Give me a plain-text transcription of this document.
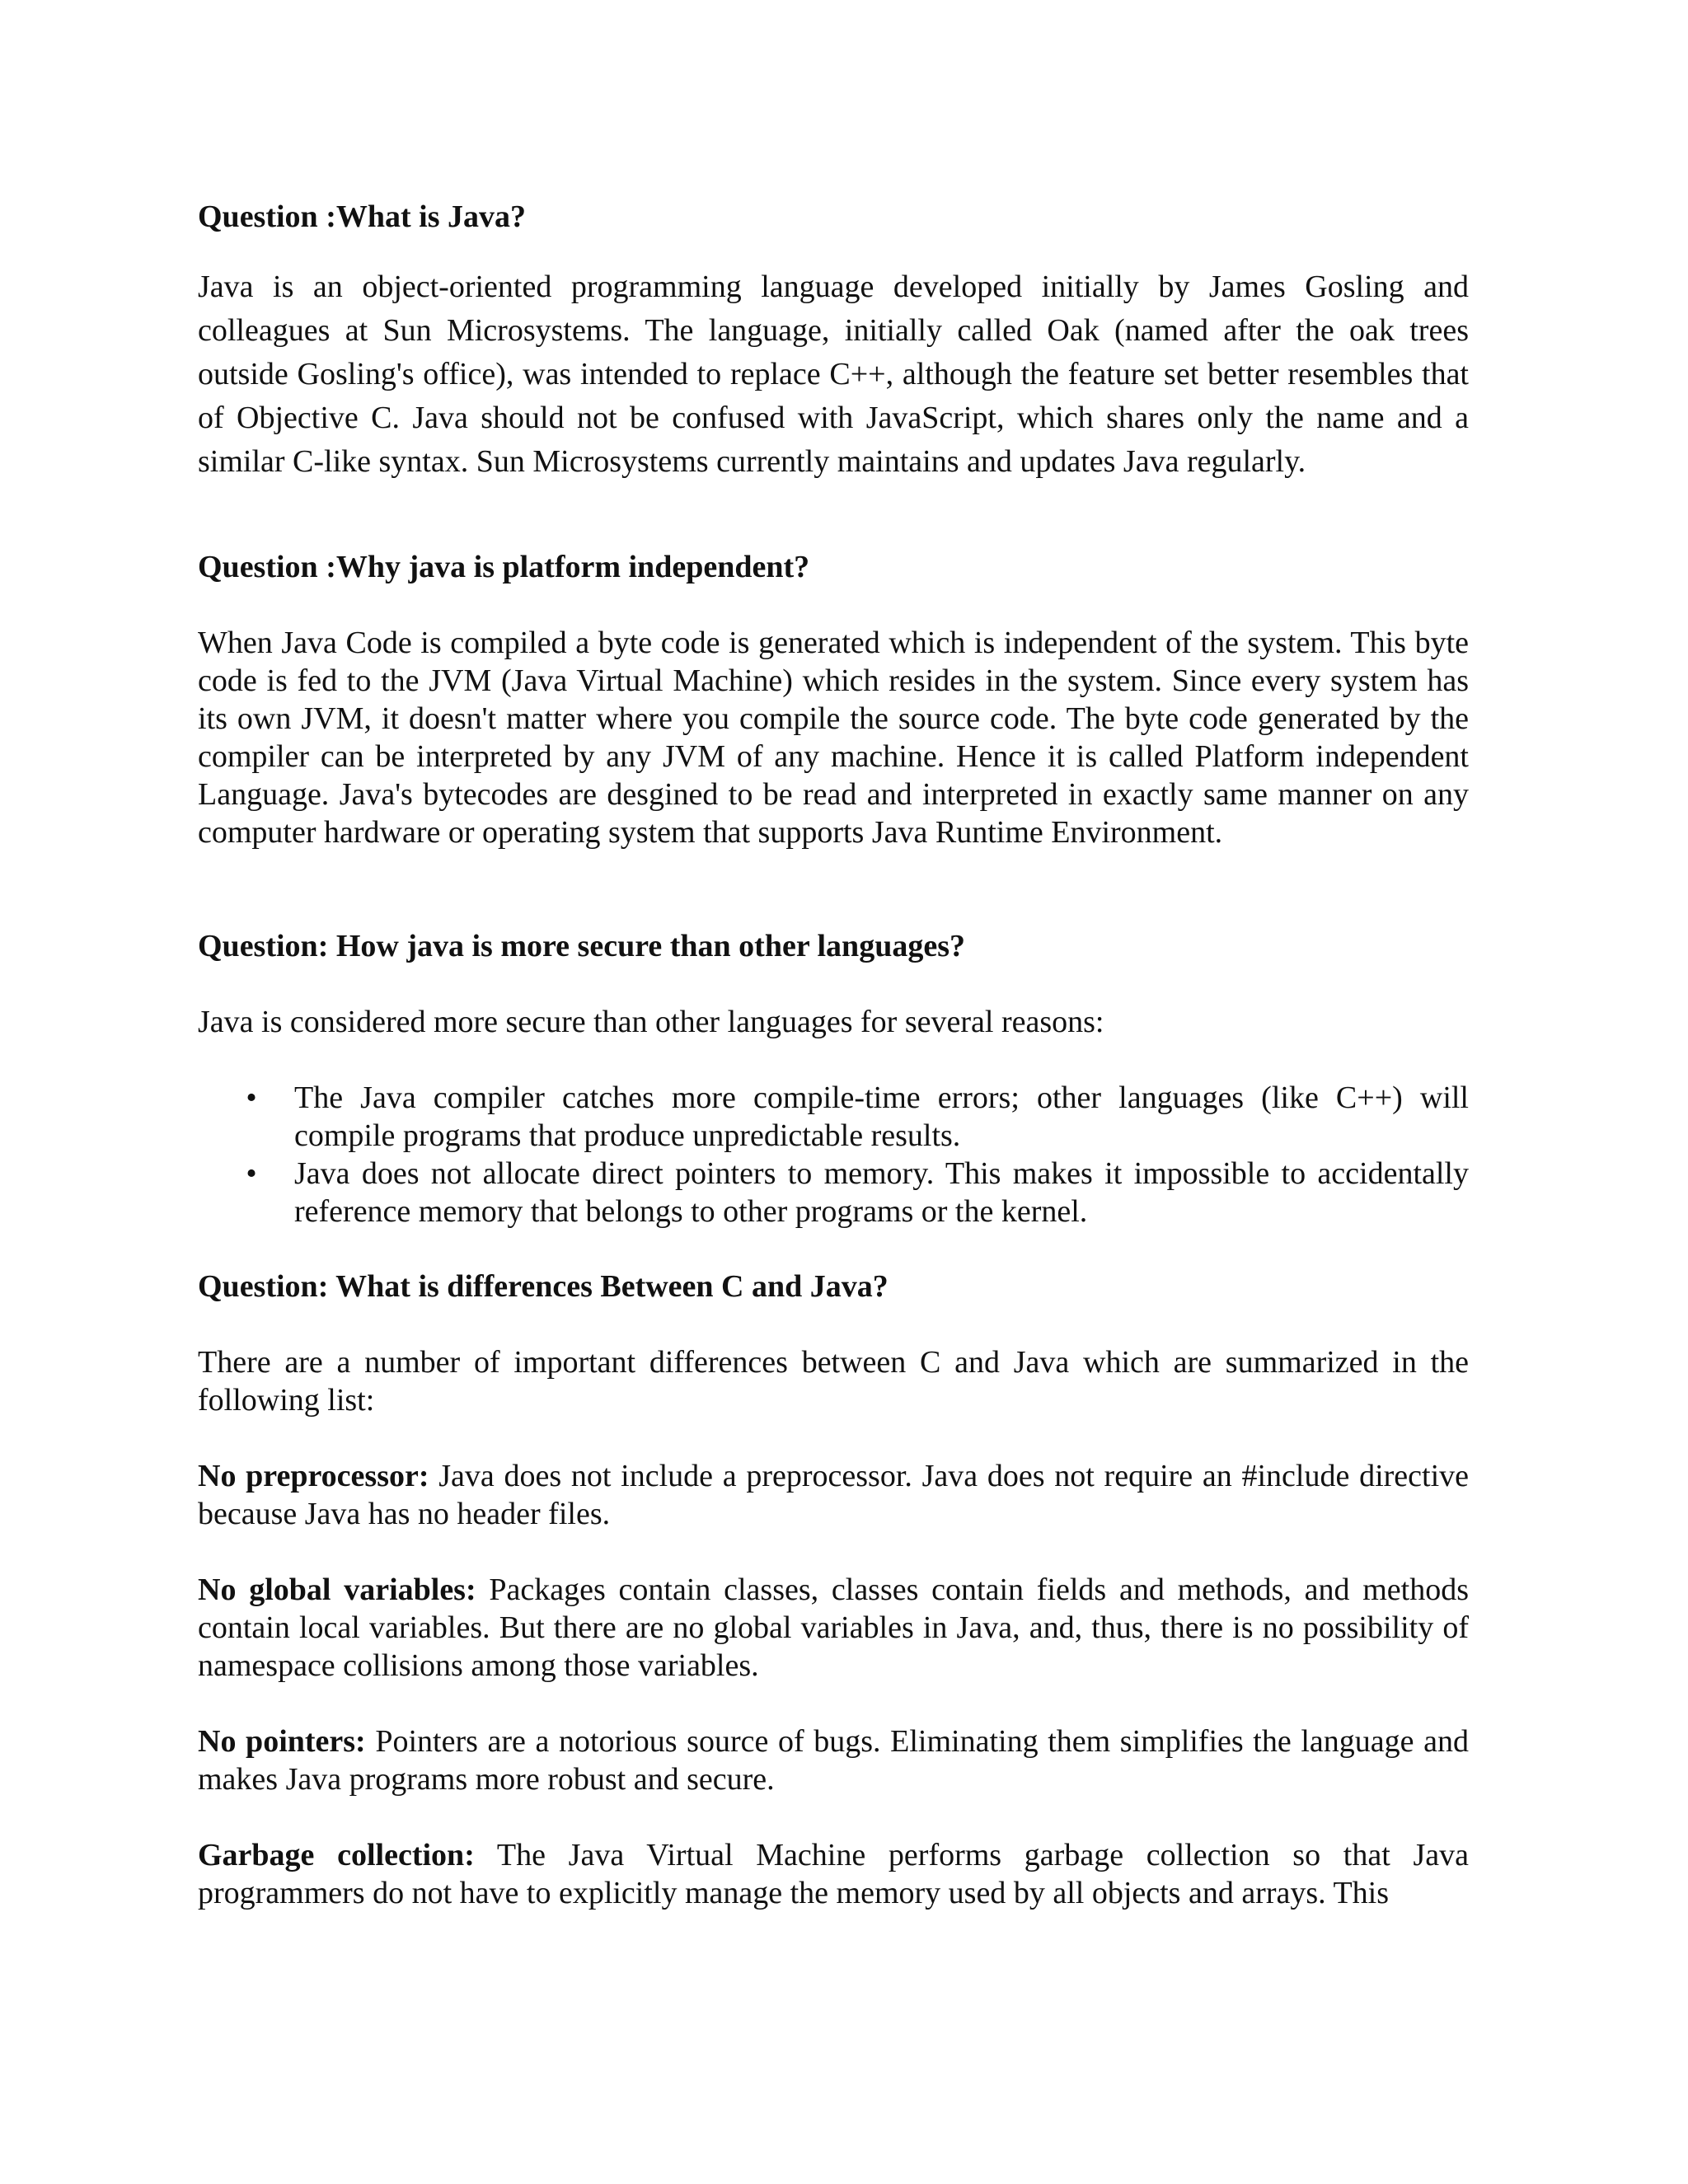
Question :What is Java?

Java is an object-oriented programming language developed initially by James Gosling and colleagues at Sun Microsystems. The language, initially called Oak (named after the oak trees outside Gosling's office), was intended to replace C++, although the feature set better resembles that of Objective C. Java should not be confused with JavaScript, which shares only the name and a similar C-like syntax. Sun Microsystems currently maintains and updates Java regularly.

Question :Why java is platform independent?

When Java Code is compiled a byte code is generated which is independent of the system. This byte code is fed to the JVM (Java Virtual Machine) which resides in the system. Since every system has its own JVM, it doesn't matter where you compile the source code. The byte code generated by the compiler can be interpreted by any JVM of any machine. Hence it is called Platform independent Language. Java's bytecodes are desgined to be read and interpreted in exactly same manner on any computer hardware or operating system that supports Java Runtime Environment.

Question: How java is more secure than other languages?

Java is considered more secure than other languages for several reasons:

• The Java compiler catches more compile-time errors; other languages (like C++) will compile programs that produce unpredictable results.
• Java does not allocate direct pointers to memory. This makes it impossible to accidentally reference memory that belongs to other programs or the kernel.

Question: What is differences Between C and Java?

There are a number of important differences between C and Java which are summarized in the following list:

No preprocessor: Java does not include a preprocessor. Java does not require an #include directive because Java has no header files.

No global variables: Packages contain classes, classes contain fields and methods, and methods contain local variables. But there are no global variables in Java, and, thus, there is no possibility of namespace collisions among those variables.

No pointers: Pointers are a notorious source of bugs. Eliminating them simplifies the language and makes Java programs more robust and secure.

Garbage collection: The Java Virtual Machine performs garbage collection so that Java programmers do not have to explicitly manage the memory used by all objects and arrays. This
